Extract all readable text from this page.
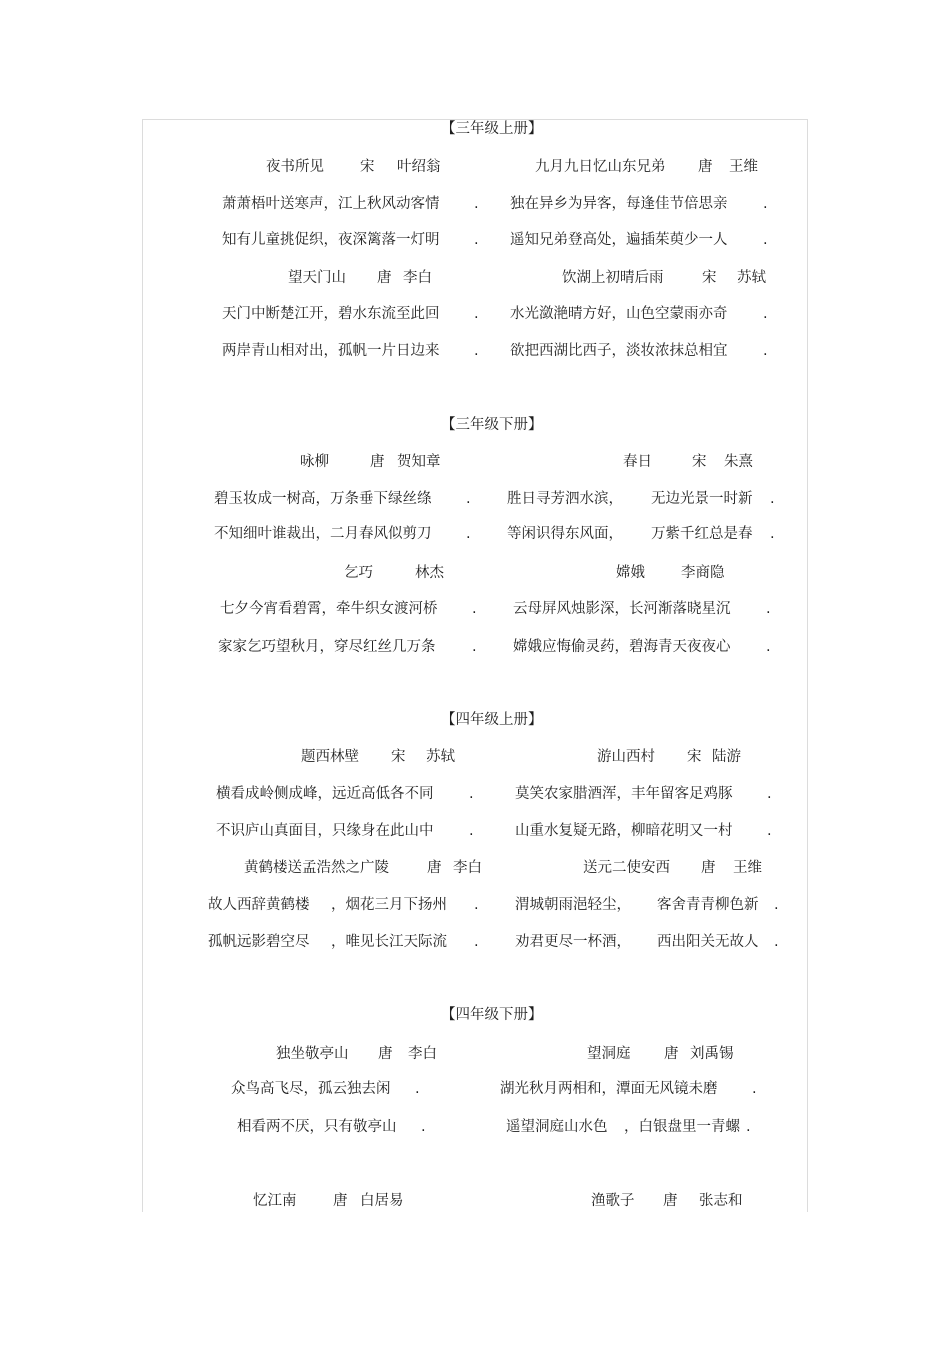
【三年级上册】
夜书所见 宋 叶绍翁	九月九日忆山东兄弟 唐 王维
萧萧梧叶送寒声，江上秋风动客情 . 独在异乡为异客，每逢佳节倍思亲 .
知有儿童挑促织，夜深篱落一灯明 . 遥知兄弟登高处，遍插茱萸少一人 .
望天门山 唐 李白	饮湖上初晴后雨	宋 苏轼
天门中断楚江开，碧水东流至此回 . 水光潋滟晴方好，山色空蒙雨亦奇 .
两岸青山相对出，孤帆一片日边来 . 欲把西湖比西子，淡妆浓抹总相宜 .
【三年级下册】
咏柳	唐 贺知章	春日	宋 朱熹
碧玉妆成一树高，万条垂下绿丝绦 .	胜日寻芳泗水滨， 无边光景一时新 .
不知细叶谁裁出，二月春风似剪刀 .	等闲识得东风面， 万紫千红总是春 .
乞巧	林杰	嫦娥 李商隐
七夕今宵看碧霄，牵牛织女渡河桥 .	云母屏风烛影深，长河渐落晓星沉 .
家家乞巧望秋月，穿尽红丝几万条	.	嫦娥应悔偷灵药，碧海青天夜夜心 .
【四年级上册】
题西林壁 宋 苏轼	游山西村 宋 陆游
横看成岭侧成峰，远近高低各不同 .	莫笑农家腊酒浑，丰年留客足鸡豚 .
不识庐山真面目，只缘身在此山中 .	山重水复疑无路，柳暗花明又一村 .
黄鹤楼送孟浩然之广陵	唐 李白	送元二使安西 唐 王维
故人西辞黄鹤楼 ，烟花三月下扬州 .	渭城朝雨浥轻尘， 客舍青青柳色新 .
孤帆远影碧空尽 ，唯见长江天际流 .	劝君更尽一杯酒， 西出阳关无故人 .
【四年级下册】
独坐敬亭山 唐 李白	望洞庭 唐 刘禹锡
众鸟高飞尽，孤云独去闲 .	湖光秋月两相和，潭面无风镜未磨 .
相看两不厌，只有敬亭山 .	遥望洞庭山水色 ，白银盘里一青螺 .
忆江南	唐 白居易	渔歌子 唐 张志和
